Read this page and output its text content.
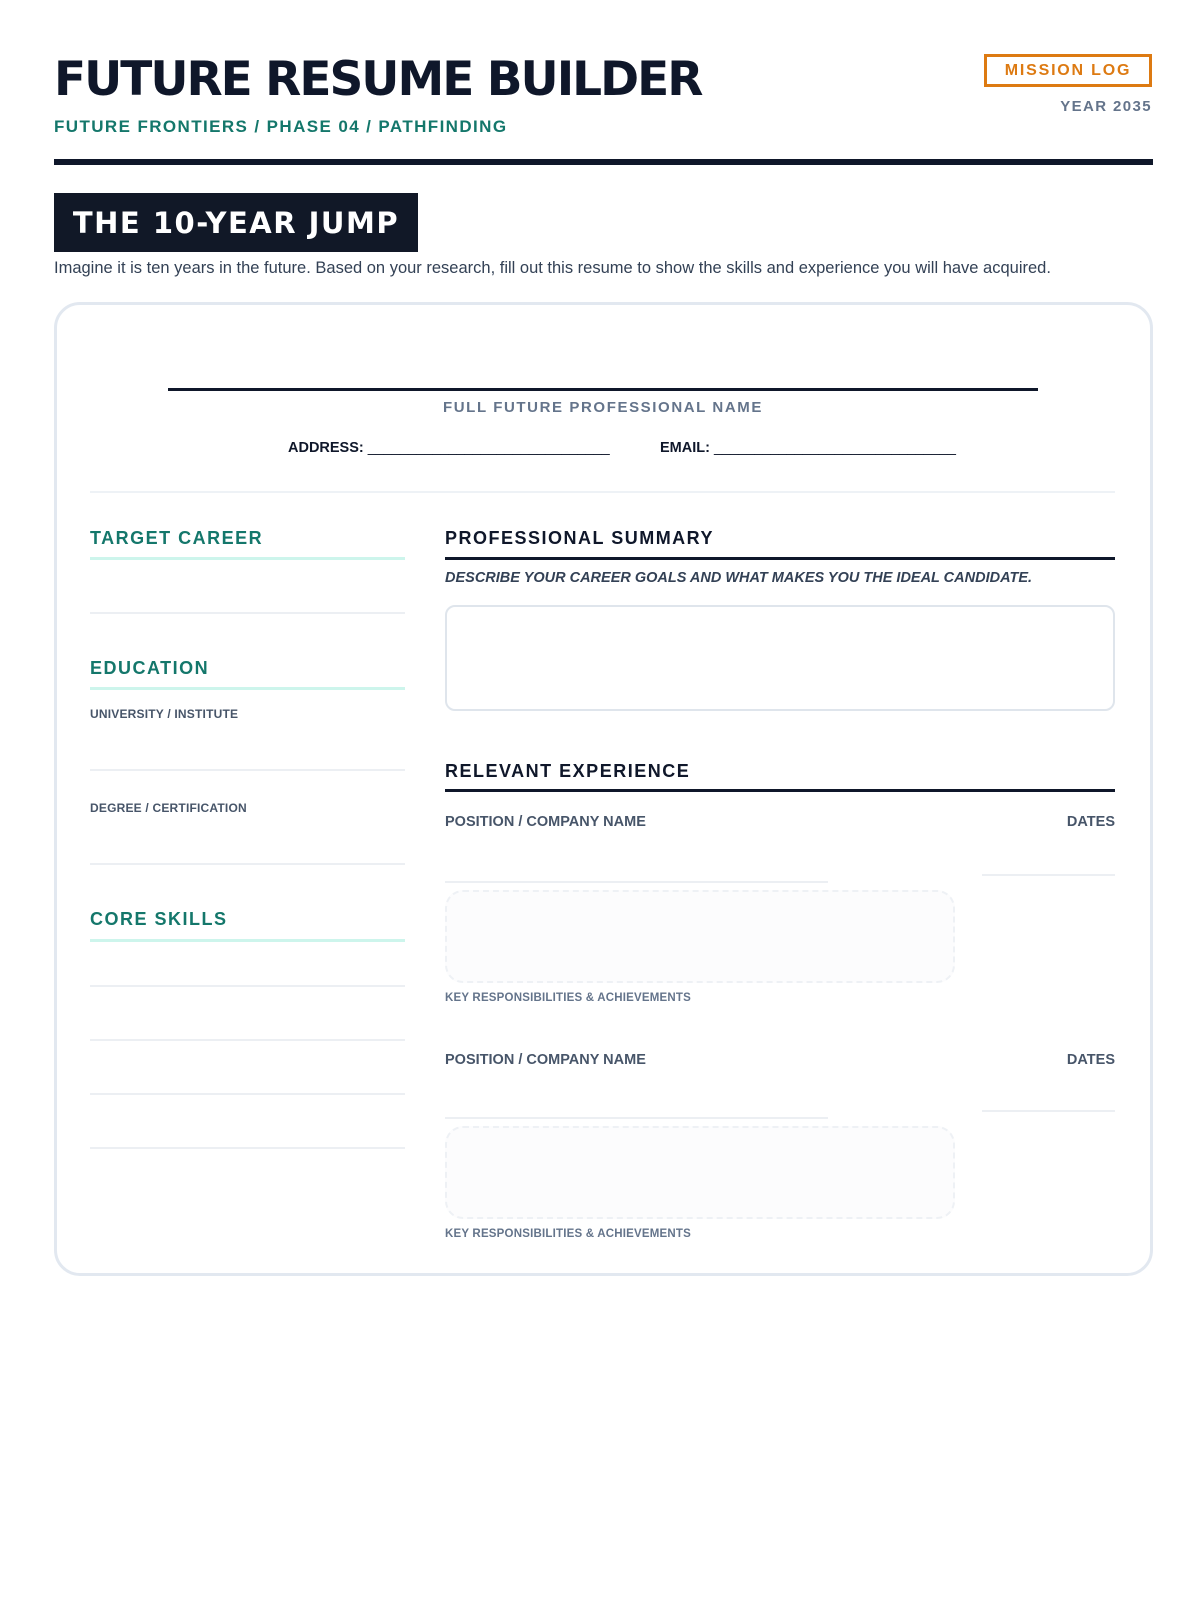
FUTURE RESUME BUILDER
FUTURE FRONTIERS / PHASE 04 / PATHFINDING
MISSION LOG
YEAR 2035
THE 10-YEAR JUMP
Imagine it is ten years in the future. Based on your research, fill out this resume to show the skills and experience you will have acquired.
FULL FUTURE PROFESSIONAL NAME
ADDRESS: ______________________________	EMAIL: ______________________________
TARGET CAREER
EDUCATION
UNIVERSITY / INSTITUTE
DEGREE / CERTIFICATION
CORE SKILLS
PROFESSIONAL SUMMARY
DESCRIBE YOUR CAREER GOALS AND WHAT MAKES YOU THE IDEAL CANDIDATE.
RELEVANT EXPERIENCE
POSITION / COMPANY NAME	DATES
KEY RESPONSIBILITIES & ACHIEVEMENTS
POSITION / COMPANY NAME	DATES
KEY RESPONSIBILITIES & ACHIEVEMENTS
